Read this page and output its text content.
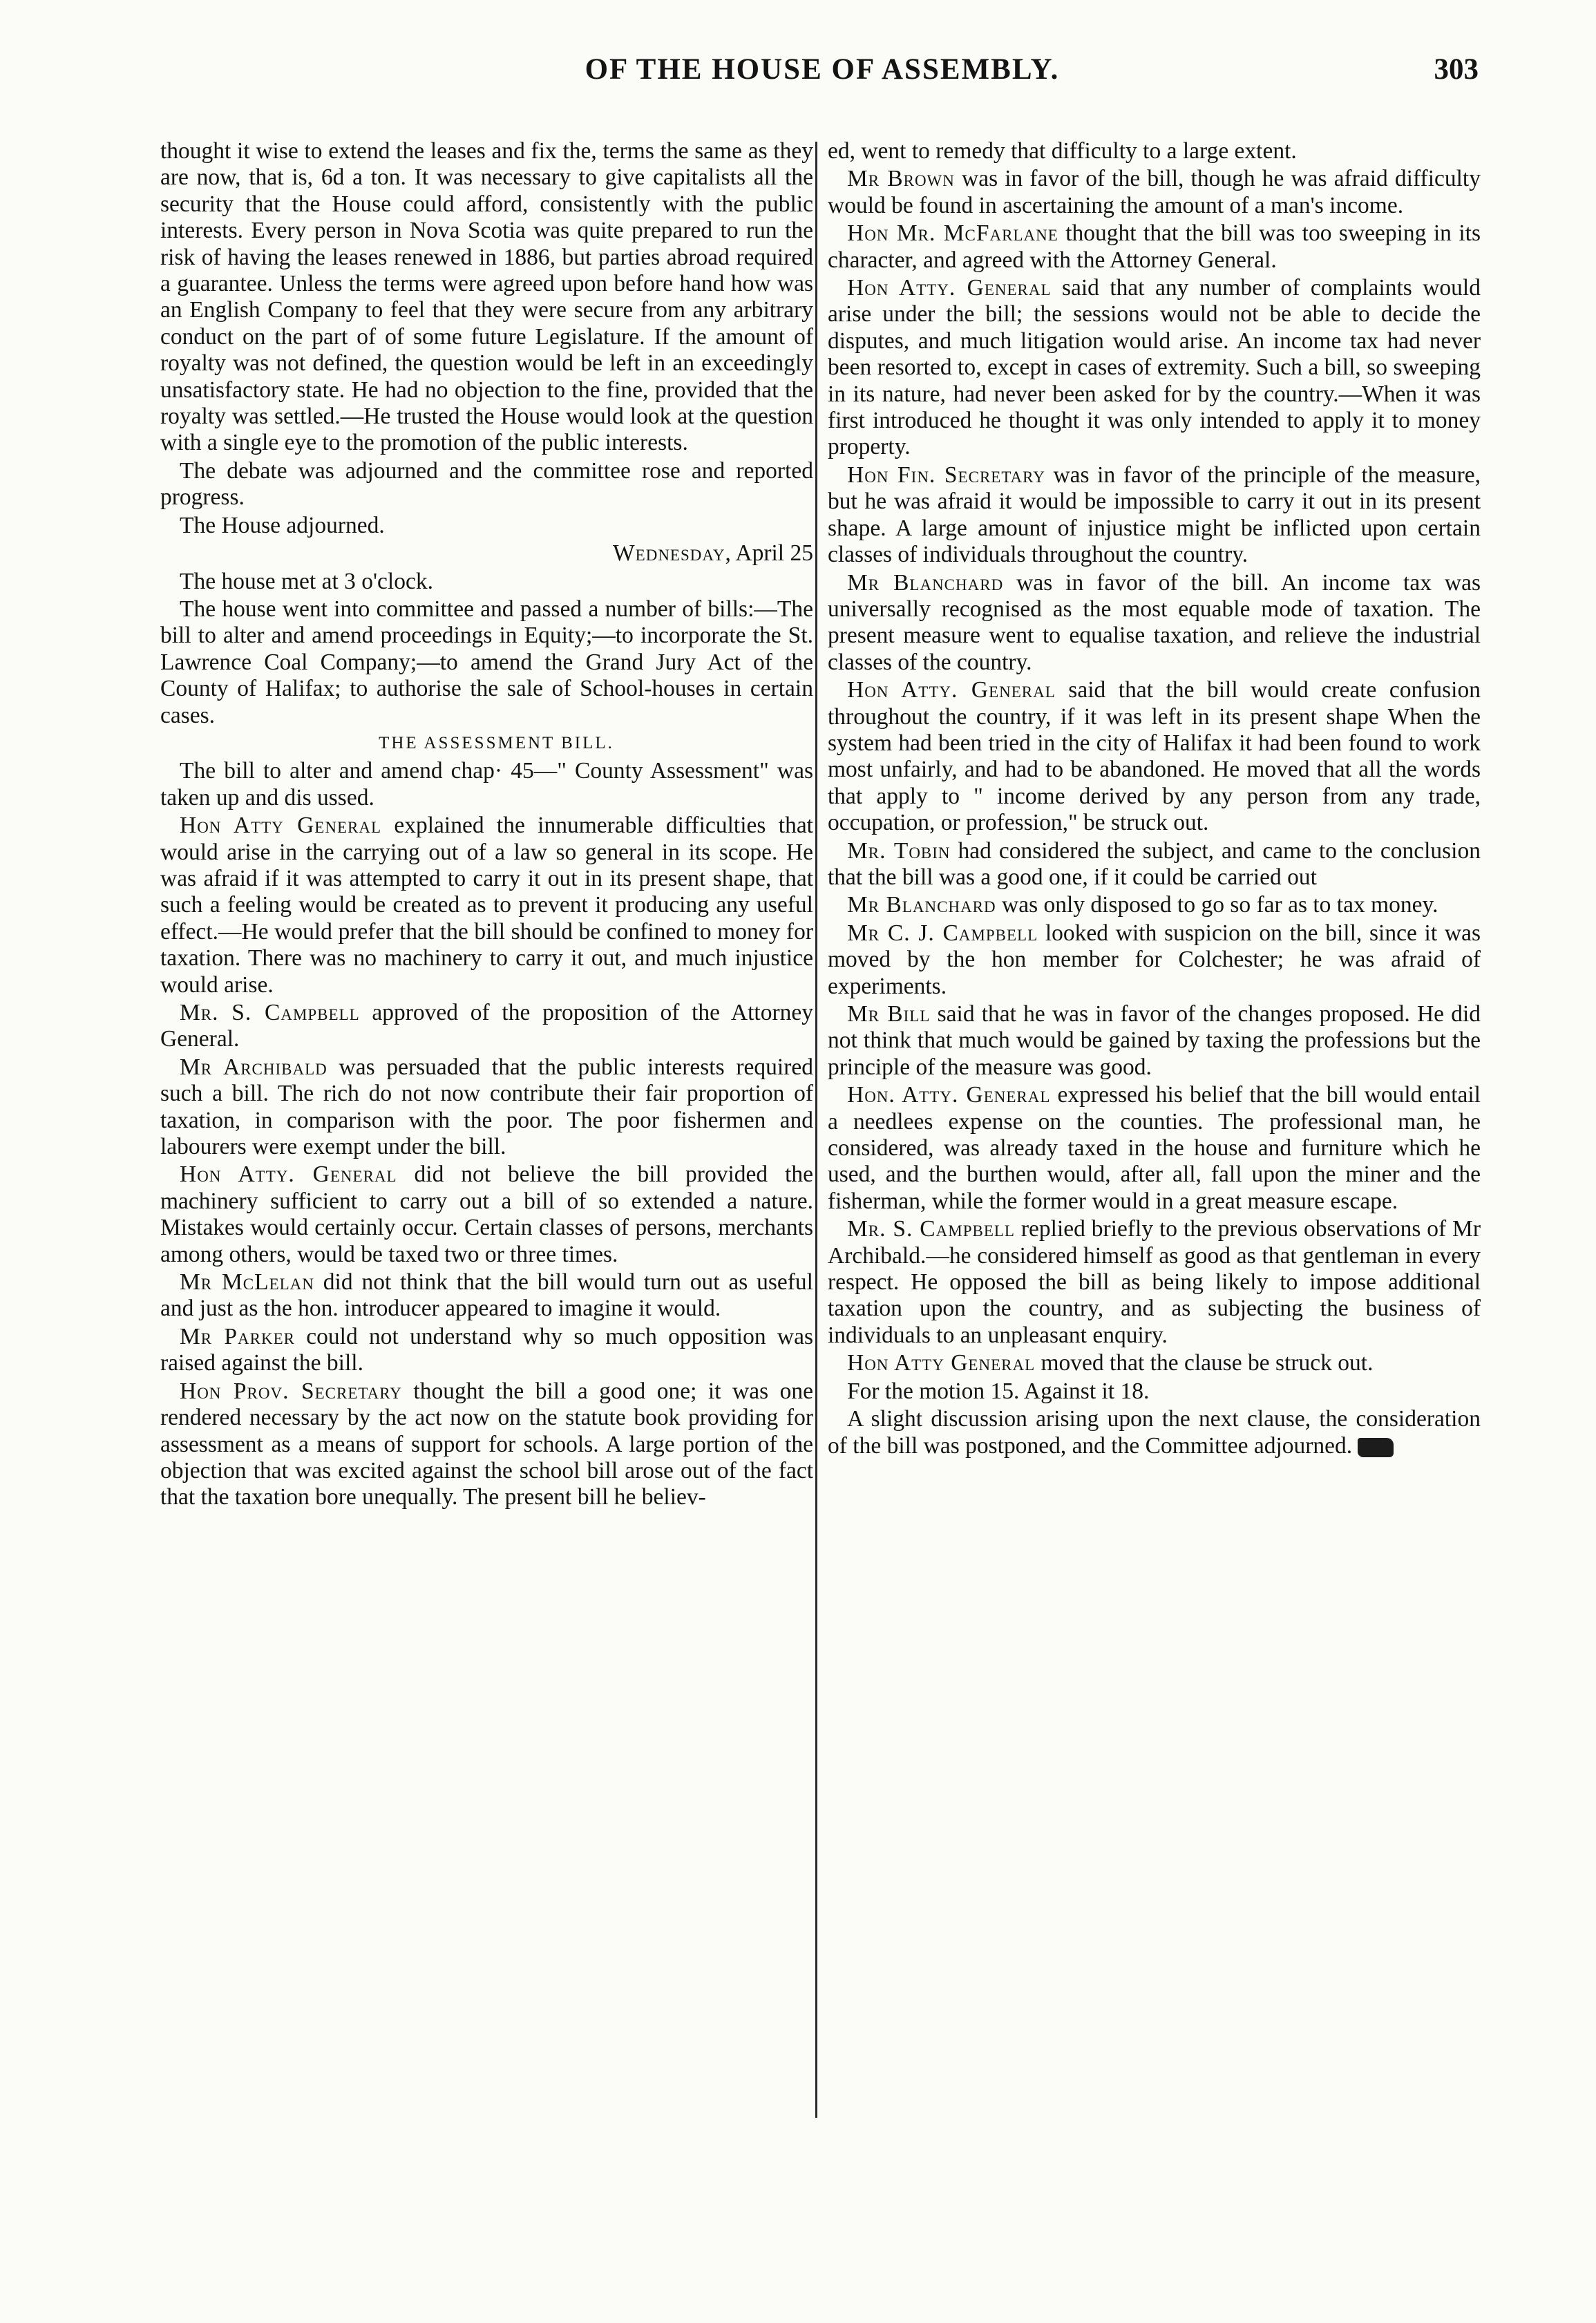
OF THE HOUSE OF ASSEMBLY.	303

thought it wise to extend the leases and fix the, terms the same as they are now, that is, 6d a ton. It was necessary to give capitalists all the security that the House could afford, consistently with the public interests. Every person in Nova Scotia was quite prepared to run the risk of having the leases renewed in 1886, but parties abroad required a guarantee. Unless the terms were agreed upon before hand how was an English Company to feel that they were secure from any arbitrary conduct on the part of of some future Legislature. If the amount of royalty was not defined, the question would be left in an exceedingly unsatisfactory state. He had no objection to the fine, provided that the royalty was settled.—He trusted the House would look at the question with a single eye to the promotion of the public interests.

The debate was adjourned and the committee rose and reported progress.

The House adjourned.

Wednesday, April 25

The house met at 3 o'clock.

The house went into committee and passed a number of bills:—The bill to alter and amend proceedings in Equity;—to incorporate the St. Lawrence Coal Company;—to amend the Grand Jury Act of the County of Halifax; to authorise the sale of School-houses in certain cases.

THE ASSESSMENT BILL.

The bill to alter and amend chap· 45—" County Assessment" was taken up and dis ussed.

Hon Atty General explained the innumerable difficulties that would arise in the carrying out of a law so general in its scope. He was afraid if it was attempted to carry it out in its present shape, that such a feeling would be created as to prevent it producing any useful effect.—He would prefer that the bill should be confined to money for taxation. There was no machinery to carry it out, and much injustice would arise.

Mr. S. Campbell approved of the proposition of the Attorney General.

Mr Archibald was persuaded that the public interests required such a bill. The rich do not now contribute their fair proportion of taxation, in comparison with the poor. The poor fishermen and labourers were exempt under the bill.

Hon Atty. General did not believe the bill provided the machinery sufficient to carry out a bill of so extended a nature. Mistakes would certainly occur. Certain classes of persons, merchants among others, would be taxed two or three times.

Mr McLelan did not think that the bill would turn out as useful and just as the hon. introducer appeared to imagine it would.

Mr Parker could not understand why so much opposition was raised against the bill.

Hon Prov. Secretary thought the bill a good one; it was one rendered necessary by the act now on the statute book providing for assessment as a means of support for schools. A large portion of the objection that was excited against the school bill arose out of the fact that the taxation bore unequally. The present bill he believ-

ed, went to remedy that difficulty to a large extent.

Mr Brown was in favor of the bill, though he was afraid difficulty would be found in ascertaining the amount of a man's income.

Hon Mr. McFarlane thought that the bill was too sweeping in its character, and agreed with the Attorney General.

Hon Atty. General said that any number of complaints would arise under the bill; the sessions would not be able to decide the disputes, and much litigation would arise. An income tax had never been resorted to, except in cases of extremity. Such a bill, so sweeping in its nature, had never been asked for by the country.—When it was first introduced he thought it was only intended to apply it to money property.

Hon Fin. Secretary was in favor of the principle of the measure, but he was afraid it would be impossible to carry it out in its present shape. A large amount of injustice might be inflicted upon certain classes of individuals throughout the country.

Mr Blanchard was in favor of the bill. An income tax was universally recognised as the most equable mode of taxation. The present measure went to equalise taxation, and relieve the industrial classes of the country.

Hon Atty. General said that the bill would create confusion throughout the country, if it was left in its present shape When the system had been tried in the city of Halifax it had been found to work most unfairly, and had to be abandoned. He moved that all the words that apply to " income derived by any person from any trade, occupation, or profession," be struck out.

Mr. Tobin had considered the subject, and came to the conclusion that the bill was a good one, if it could be carried out

Mr Blanchard was only disposed to go so far as to tax money.

Mr C. J. Campbell looked with suspicion on the bill, since it was moved by the hon member for Colchester; he was afraid of experiments.

Mr Bill said that he was in favor of the changes proposed. He did not think that much would be gained by taxing the professions but the principle of the measure was good.

Hon. Atty. General expressed his belief that the bill would entail a needlees expense on the counties. The professional man, he considered, was already taxed in the house and furniture which he used, and the burthen would, after all, fall upon the miner and the fisherman, while the former would in a great measure escape.

Mr. S. Campbell replied briefly to the previous observations of Mr Archibald.—he considered himself as good as that gentleman in every respect. He opposed the bill as being likely to impose additional taxation upon the country, and as subjecting the business of individuals to an unpleasant enquiry.

Hon Atty General moved that the clause be struck out.

For the motion 15. Against it 18.

A slight discussion arising upon the next clause, the consideration of the bill was postponed, and the Committee adjourned.
